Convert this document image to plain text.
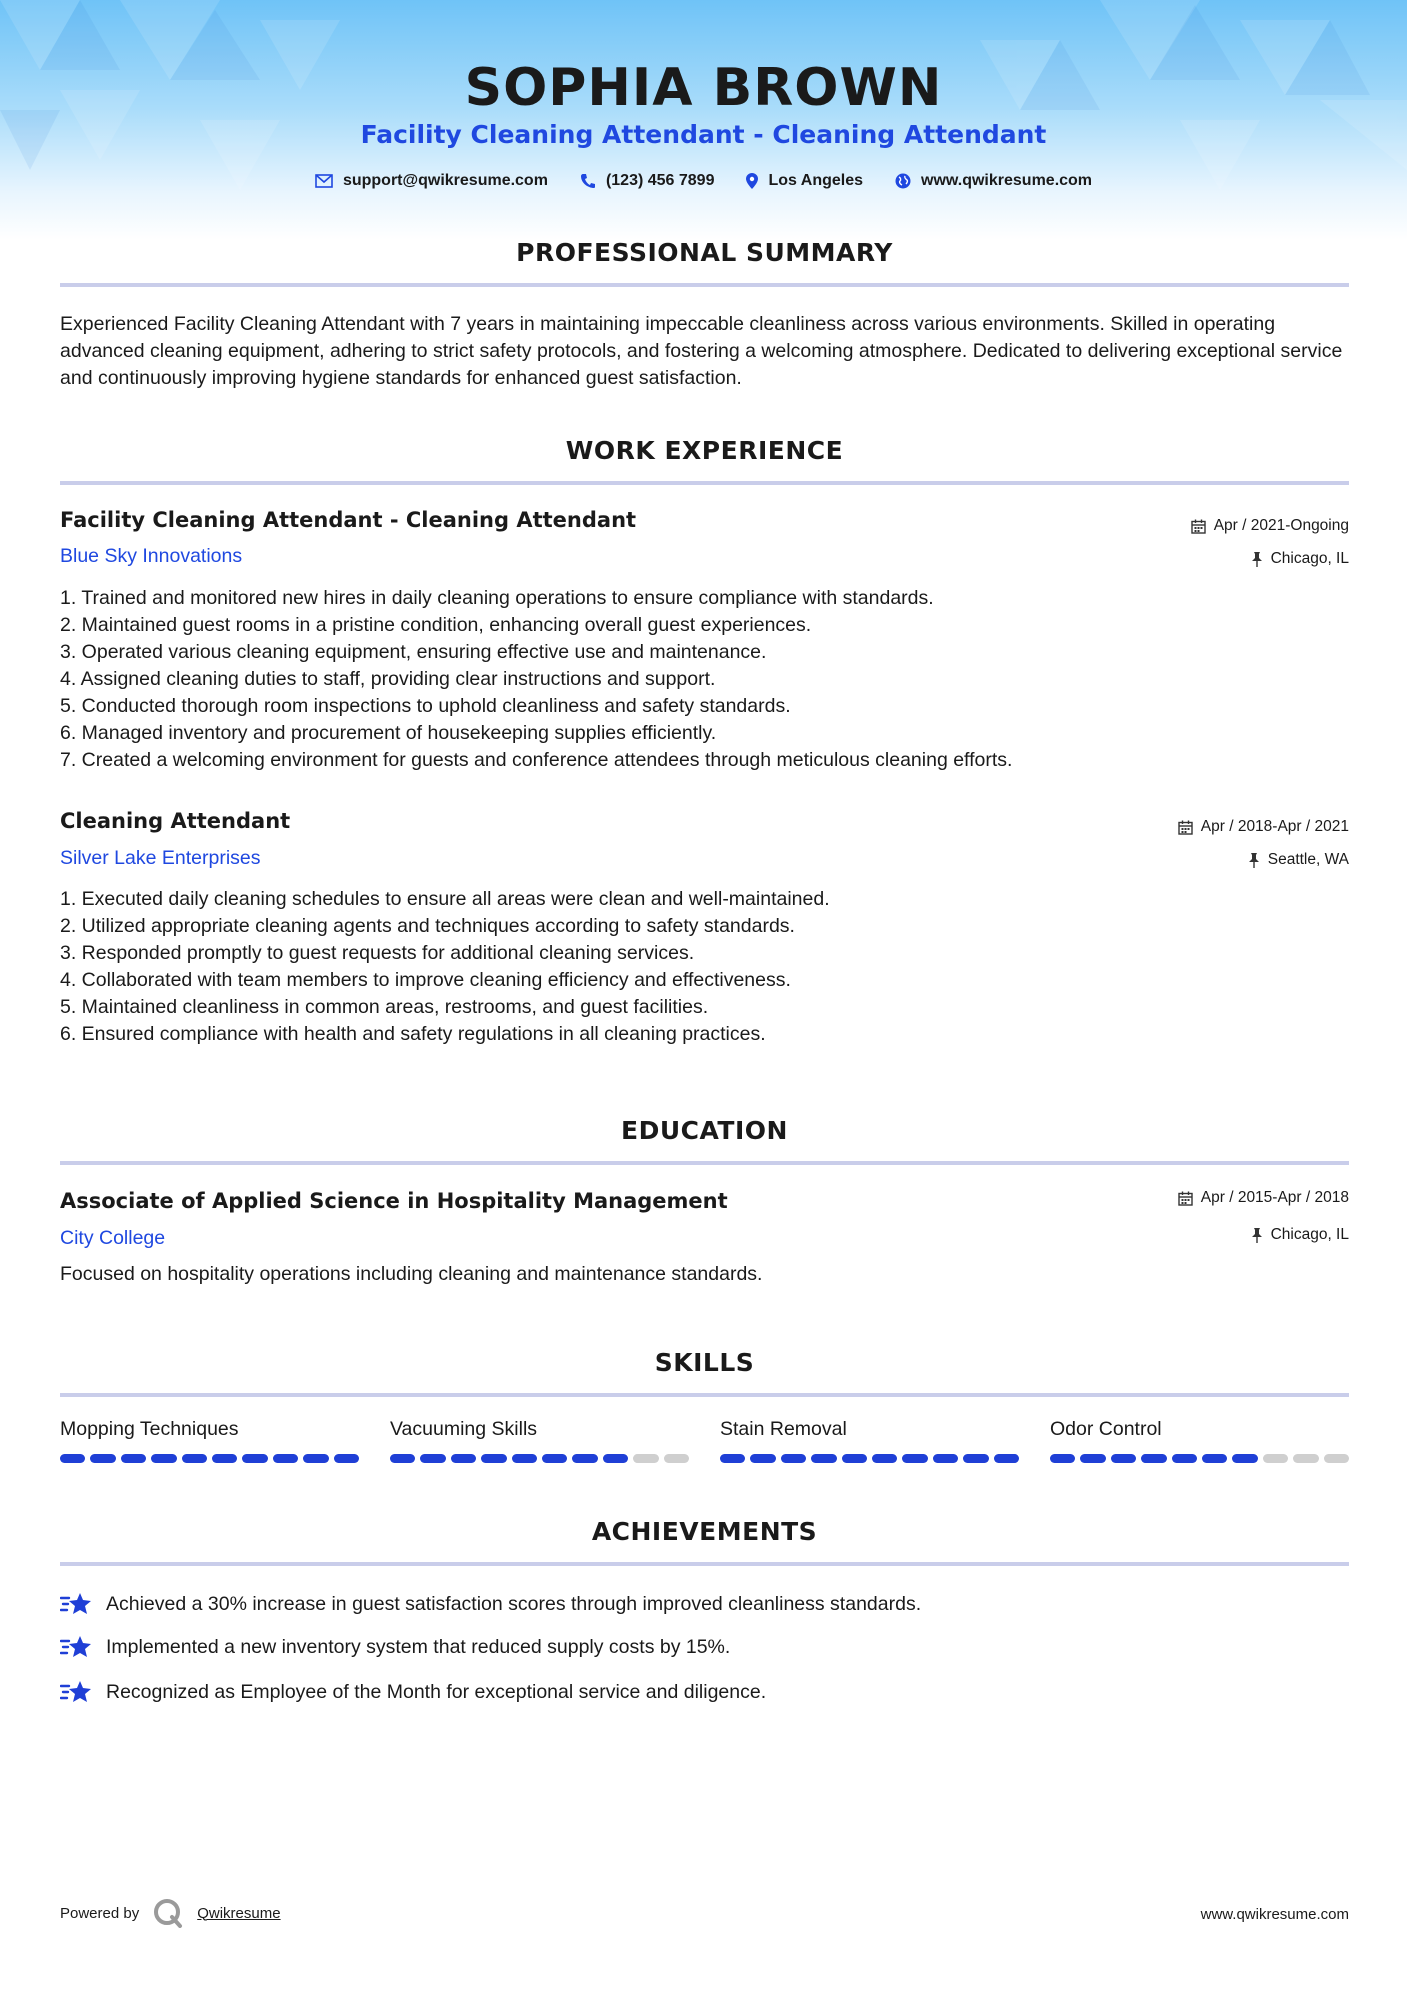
SOPHIA BROWN
Facility Cleaning Attendant - Cleaning Attendant
support@qwikresume.com	(123) 456 7899	Los Angeles	www.qwikresume.com
PROFESSIONAL SUMMARY
Experienced Facility Cleaning Attendant with 7 years in maintaining impeccable cleanliness across various environments. Skilled in operating advanced cleaning equipment, adhering to strict safety protocols, and fostering a welcoming atmosphere. Dedicated to delivering exceptional service and continuously improving hygiene standards for enhanced guest satisfaction.
WORK EXPERIENCE
Facility Cleaning Attendant - Cleaning Attendant
Blue Sky Innovations
Apr / 2021-Ongoing
Chicago, IL
1. Trained and monitored new hires in daily cleaning operations to ensure compliance with standards.
2. Maintained guest rooms in a pristine condition, enhancing overall guest experiences.
3. Operated various cleaning equipment, ensuring effective use and maintenance.
4. Assigned cleaning duties to staff, providing clear instructions and support.
5. Conducted thorough room inspections to uphold cleanliness and safety standards.
6. Managed inventory and procurement of housekeeping supplies efficiently.
7. Created a welcoming environment for guests and conference attendees through meticulous cleaning efforts.
Cleaning Attendant
Silver Lake Enterprises
Apr / 2018-Apr / 2021
Seattle, WA
1. Executed daily cleaning schedules to ensure all areas were clean and well-maintained.
2. Utilized appropriate cleaning agents and techniques according to safety standards.
3. Responded promptly to guest requests for additional cleaning services.
4. Collaborated with team members to improve cleaning efficiency and effectiveness.
5. Maintained cleanliness in common areas, restrooms, and guest facilities.
6. Ensured compliance with health and safety regulations in all cleaning practices.
EDUCATION
Associate of Applied Science in Hospitality Management
City College
Apr / 2015-Apr / 2018
Chicago, IL
Focused on hospitality operations including cleaning and maintenance standards.
SKILLS
Mopping Techniques	Vacuuming Skills	Stain Removal	Odor Control
ACHIEVEMENTS
Achieved a 30% increase in guest satisfaction scores through improved cleanliness standards.
Implemented a new inventory system that reduced supply costs by 15%.
Recognized as Employee of the Month for exceptional service and diligence.
Powered by	Qwikresume	www.qwikresume.com
